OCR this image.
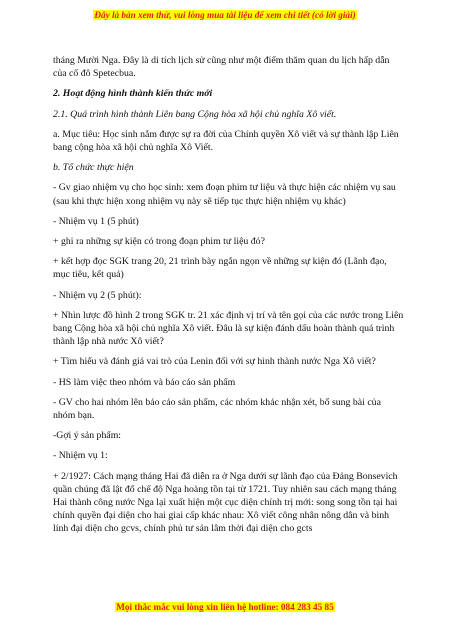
Đây là bản xem thử, vui lòng mua tài liệu để xem chi tiết (có lời giải)

tháng Mười Nga. Đây là di tích lịch sử cũng như một điểm thăm quan du lịch hấp dẫn của cố đô Spetecbua.

2. Hoạt động hình thành kiến thức mới

2.1. Quá trình hình thành Liên bang Cộng hòa xã hội chủ nghĩa Xô viết.

a. Mục tiêu: Học sinh nắm được sự ra đời của Chính quyền Xô viết và sự thành lập Liên bang cộng hòa xã hội chủ nghĩa Xô Viết.

b. Tổ chức thực hiện

- Gv giao nhiệm vụ cho học sinh: xem đoạn phim tư liệu và thực hiện các nhiệm vụ sau (sau khi thực hiện xong nhiệm vụ này sẽ tiếp tục thực hiện nhiệm vụ khác)

- Nhiệm vụ 1 (5 phút)

+ ghi ra những sự kiện có trong đoạn phim tư liệu đó?

+ kết hợp đọc SGK trang 20, 21 trình bày ngắn ngọn về những sự kiện đó (Lãnh đạo, mục tiêu, kết quả)

- Nhiệm vụ 2 (5 phút):

+ Nhìn lược đồ hình 2 trong SGK tr. 21 xác định vị trí và tên gọi của các nước trong Liên bang Cộng hòa xã hội chủ nghĩa Xô viết. Đâu là sự kiện đánh dấu hoàn thành quá trình thành lập nhà nước Xô viết?

+ Tìm hiểu và đánh giá vai trò của Lenin đối với sự hình thành nước Nga Xô viết?

- HS làm việc theo nhóm và báo cáo sản phẩm

- GV cho hai nhóm lên báo cáo sản phẩm, các nhóm khác nhận xét, bổ sung bài của nhóm bạn.

-Gợi ý sản phẩm:

- Nhiệm vụ 1:

+ 2/1927: Cách mạng tháng Hai đã diễn ra ở Nga dưới sự lãnh đạo của Đảng Bonsevich quần chúng đã lật đổ chế độ Nga hoàng tồn tại từ 1721. Tuy nhiên sau cách mạng tháng Hai thành công nước Nga lại xuất hiện một cục diện chính trị mới: song song tồn tại hai chính quyền đại diện cho hai giai cấp khác nhau: Xô viết công nhân nông dân và binh lính đại diện cho gcvs, chính phủ tư sản lâm thời đại diện cho gcts

Mọi thắc mắc vui lòng xin liên hệ hotline: 084 283 45 85
